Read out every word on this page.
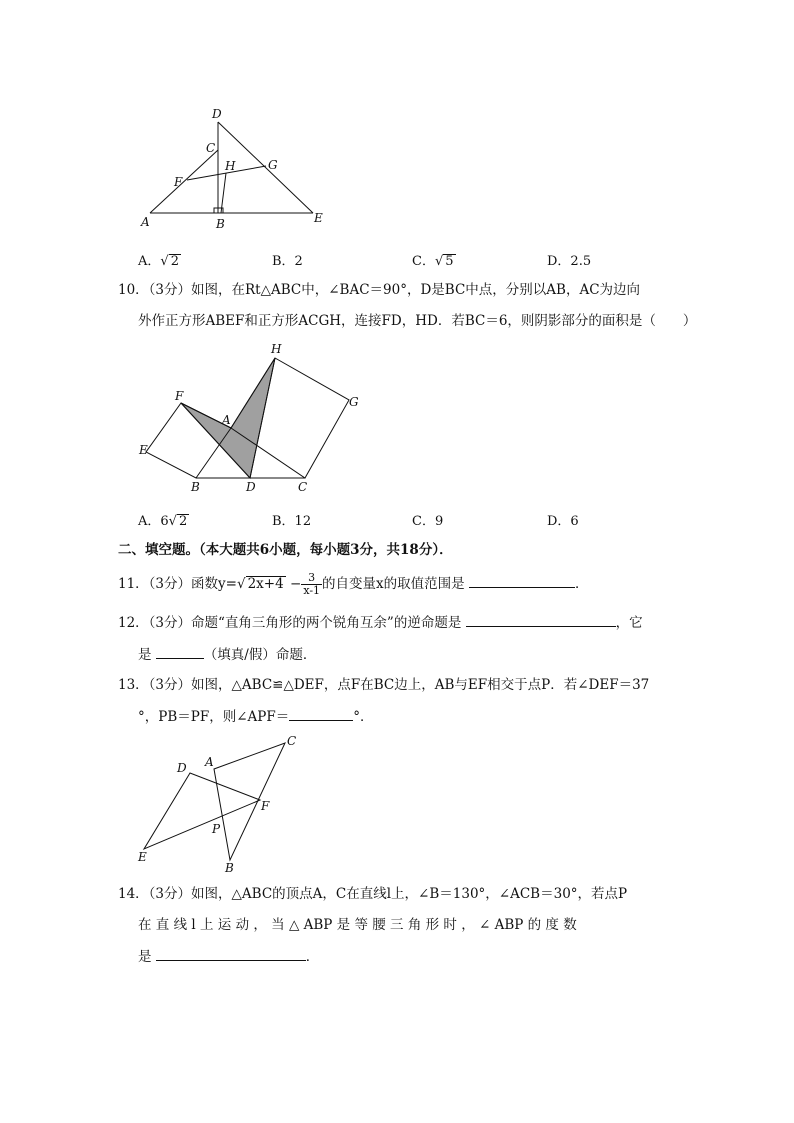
D
C
H	G
F
A	B	E
A．√ 2	B．2	C．√ 5	D．2.5
10．（3分）如图，在Rt△ABC中，∠BAC＝90°，D是BC中点，分别以AB，AC为边向
外作正方形ABEF和正方形ACGH，连接FD，HD．若BC＝6，则阴影部分的面积是（　　）
H
F	G
A
E
B	D	C
A．6√ 2	B．12	C．9	D．6
二、填空题。（本大题共6小题，每小题3分，共18分）．
11．（3分）函数y=√ $2x+4 - \frac{3}{x-1}$ 的自变量x的取值范围是	．
12．（3分）命题“直角三角形的两个锐角互余”的逆命题是	，它
是	（填真/假）命题．
13．（3分）如图，△ABC≌△DEF，点F在BC边上，AB与EF相交于点P．若∠DEF＝37
°，PB＝PF，则∠APF＝	°．
C
D A
F
P
E
B
14．（3分）如图，△ABC的顶点A，C在直线l上，∠B＝130°，∠ACB＝30°，若点P
在 直 线 l 上 运 动 ， 当 △ ABP 是 等 腰 三 角 形 时 ， ∠ ABP 的 度 数
是	．
